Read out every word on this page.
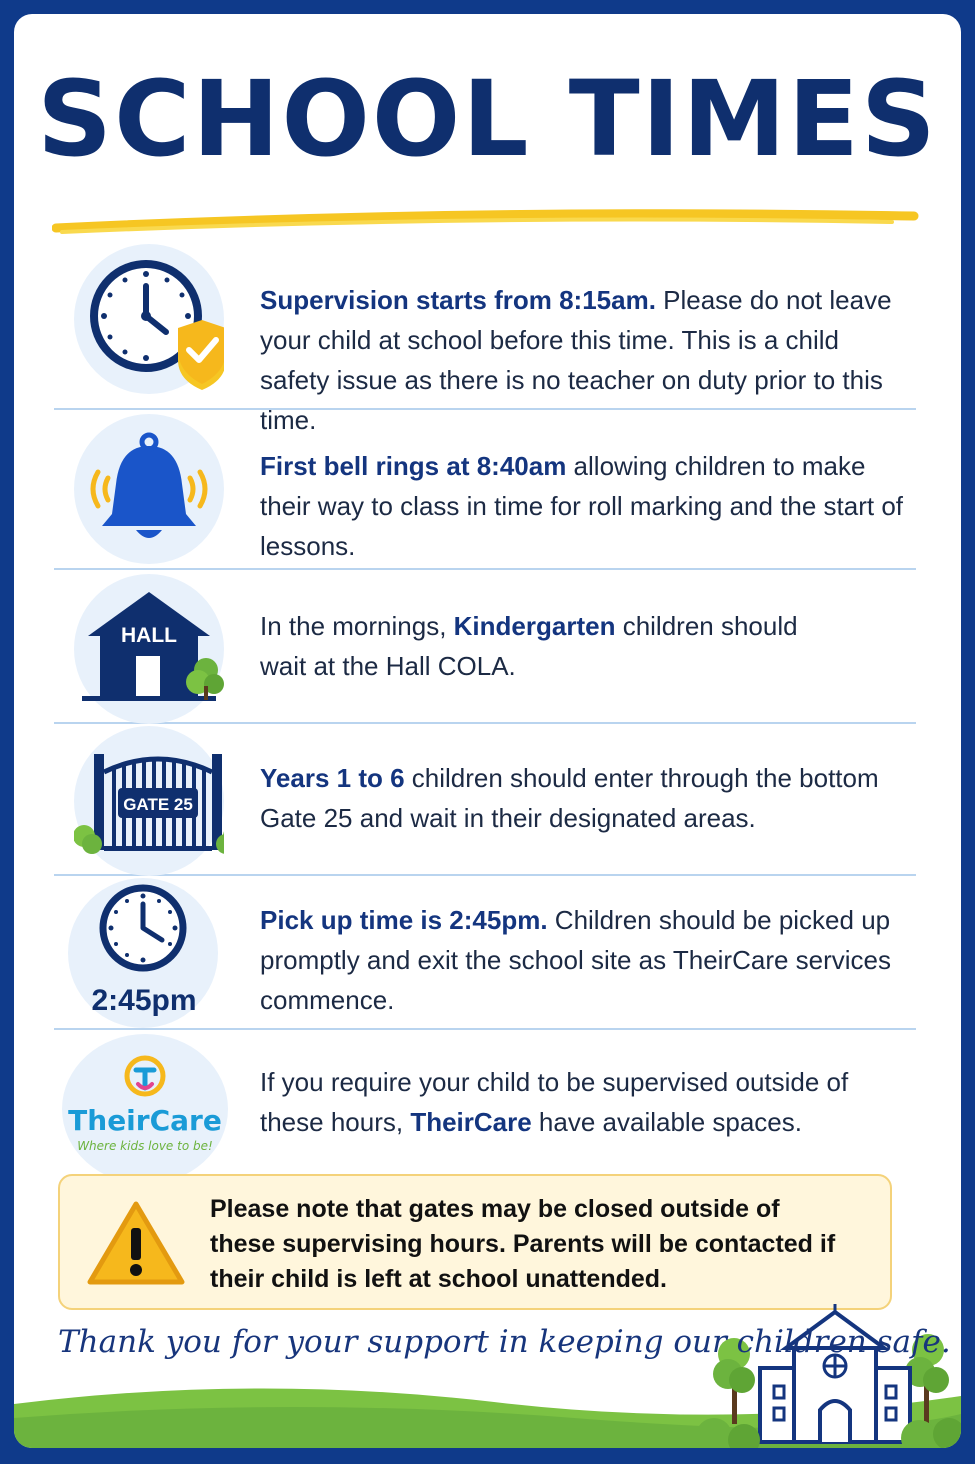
SCHOOL TIMES
Supervision starts from 8:15am. Please do not leave your child at school before this time. This is a child safety issue as there is no teacher on duty prior to this time.
First bell rings at 8:40am allowing children to make their way to class in time for roll marking and the start of lessons.
HALL	In the mornings, Kindergarten children should wait at the Hall COLA.
GATE 25
Years 1 to 6 children should enter through the bottom Gate 25 and wait in their designated areas.
2:45pm
Pick up time is 2:45pm. Children should be picked up promptly and exit the school site as TheirCare services commence.
TheirCare
Where kids love to be!
If you require your child to be supervised outside of these hours, TheirCare have available spaces.
Please note that gates may be closed outside of these supervising hours. Parents will be contacted if their child is left at school unattended.
Thank you for your support in keeping our children safe.
